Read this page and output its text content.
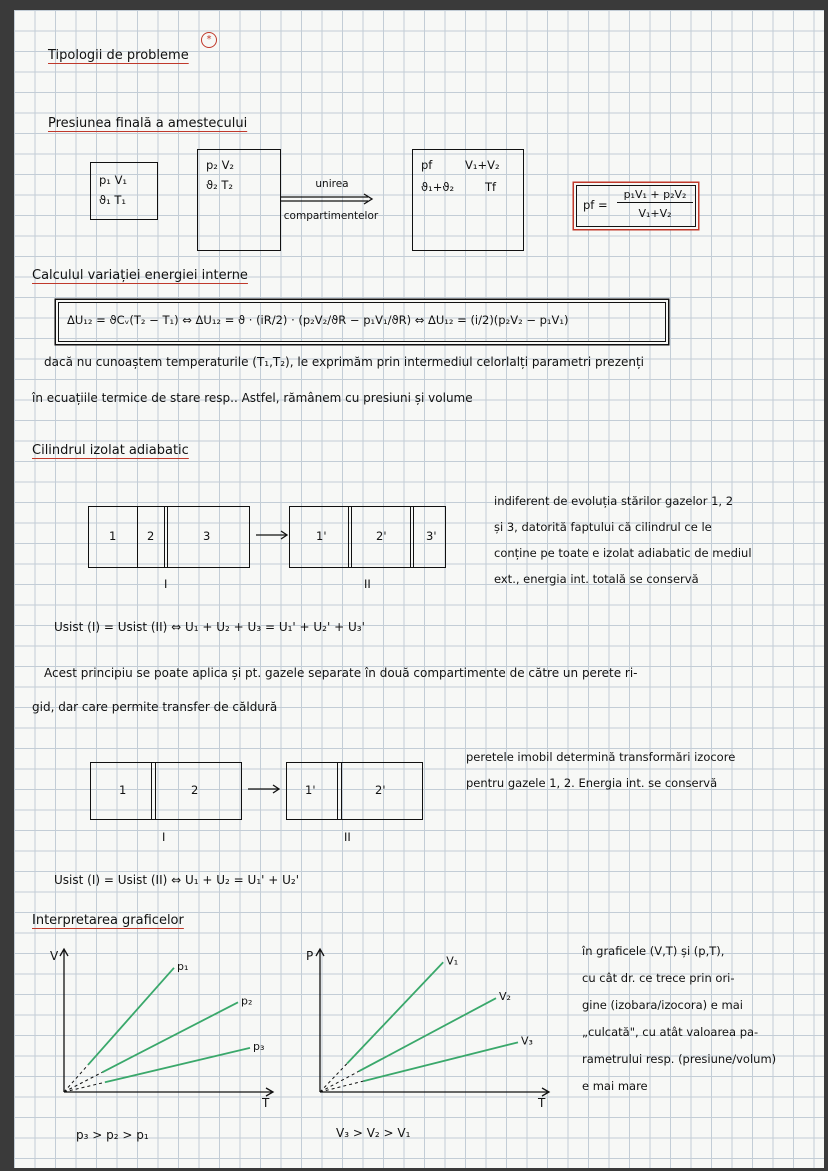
Tipologii de probleme
*
Presiunea finală a amestecului
p₁ V₁
ϑ₁ T₁
p₂ V₂
ϑ₂ T₂	unirea
compartimentelor
pf	V₁+V₂
ϑ₁+ϑ₂	Tf
pf =
p₁V₁ + p₂V₂
V₁+V₂
Calculul variației energiei interne
ΔU₁₂ = ϑCᵥ(T₂ − T₁) ⇔ ΔU₁₂ = ϑ · (iR/2) · (p₂V₂/ϑR − p₁V₁/ϑR) ⇔ ΔU₁₂ = (i/2)(p₂V₂ − p₁V₁)
dacă nu cunoaștem temperaturile (T₁,T₂), le exprimăm prin intermediul celorlalți parametri prezenți
în ecuațiile termice de stare resp.. Astfel, rămânem cu presiuni și volume
Cilindrul izolat adiabatic
1	2	3	1'	2'	3'
I	II
indiferent de evoluția stărilor gazelor 1, 2
și 3, datorită faptului că cilindrul ce le
conține pe toate e izolat adiabatic de mediul
ext., energia int. totală se conservă
Usist (I) = Usist (II) ⇔ U₁ + U₂ + U₃ = U₁' + U₂' + U₃'
Acest principiu se poate aplica și pt. gazele separate în două compartimente de către un perete ri-
gid, dar care permite transfer de căldură
1	2	1'	2'
I	II
peretele imobil determină transformări izocore
pentru gazele 1, 2. Energia int. se conservă
Usist (I) = Usist (II) ⇔ U₁ + U₂ = U₁' + U₂'
Interpretarea graficelor
V
T
p₁
p₂
p₃
P
T
V₁
V₂
V₃
p₃ > p₂ > p₁	V₃ > V₂ > V₁
în graficele (V,T) și (p,T),
cu cât dr. ce trece prin ori-
gine (izobara/izocora) e mai
„culcată", cu atât valoarea pa-
rametrului resp. (presiune/volum)
e mai mare
